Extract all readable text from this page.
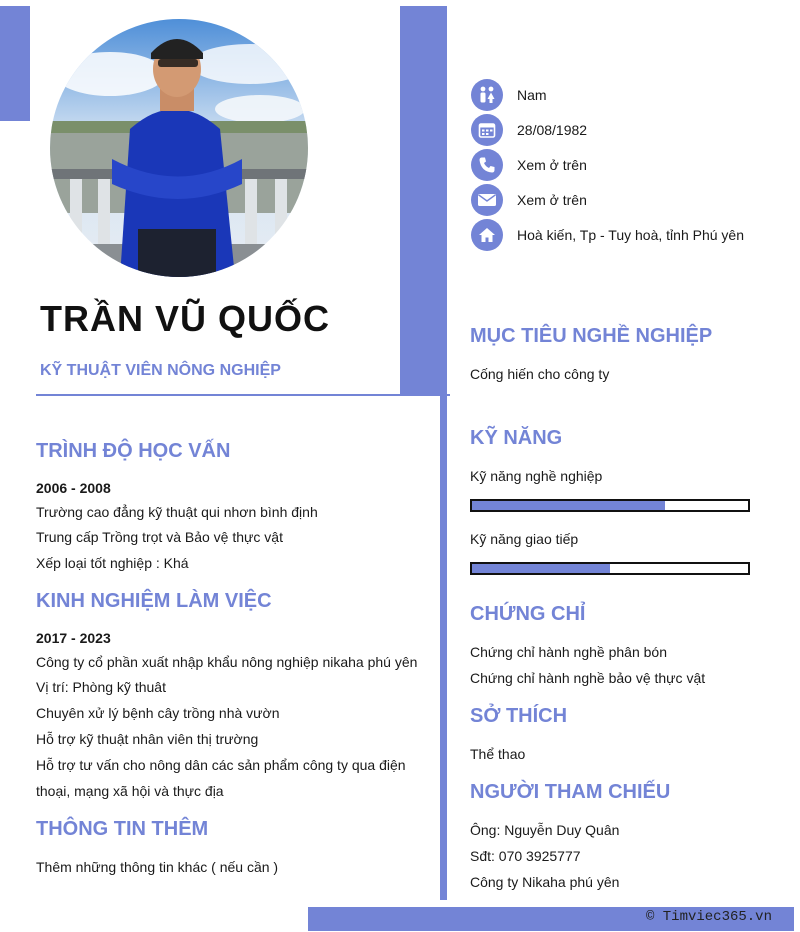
TRẦN VŨ QUỐC
KỸ THUẬT VIÊN NÔNG NGHIỆP
Nam
28/08/1982
Xem ở trên
Xem ở trên
Hoà kiến, Tp - Tuy hoà, tỉnh Phú yên
TRÌNH ĐỘ HỌC VẤN
2006 - 2008
Trường cao đẳng kỹ thuật qui nhơn bình định
Trung cấp Trồng trọt và Bảo vệ thực vật
Xếp loại tốt nghiệp : Khá
KINH NGHIỆM LÀM VIỆC
2017 - 2023
Công ty cổ phần xuất nhập khẩu nông nghiệp nikaha phú yên
Vị trí: Phòng kỹ thuât
Chuyên xử lý bệnh cây trồng nhà vườn
Hỗ trợ kỹ thuật nhân viên thị trường
Hỗ trợ tư vấn cho nông dân các sản phẩm công ty qua điện
thoại, mạng xã hội và thực địa
THÔNG TIN THÊM
Thêm những thông tin khác ( nếu cần )
MỤC TIÊU NGHỀ NGHIỆP
Cống hiến cho công ty
KỸ NĂNG
Kỹ năng nghề nghiệp
Kỹ năng giao tiếp
CHỨNG CHỈ
Chứng chỉ hành nghề phân bón
Chứng chỉ hành nghề bảo vệ thực vật
SỞ THÍCH
Thể thao
NGƯỜI THAM CHIẾU
Ông: Nguyễn Duy Quân
Sđt: 070 3925777
Công ty Nikaha phú yên
© Timviec365.vn
